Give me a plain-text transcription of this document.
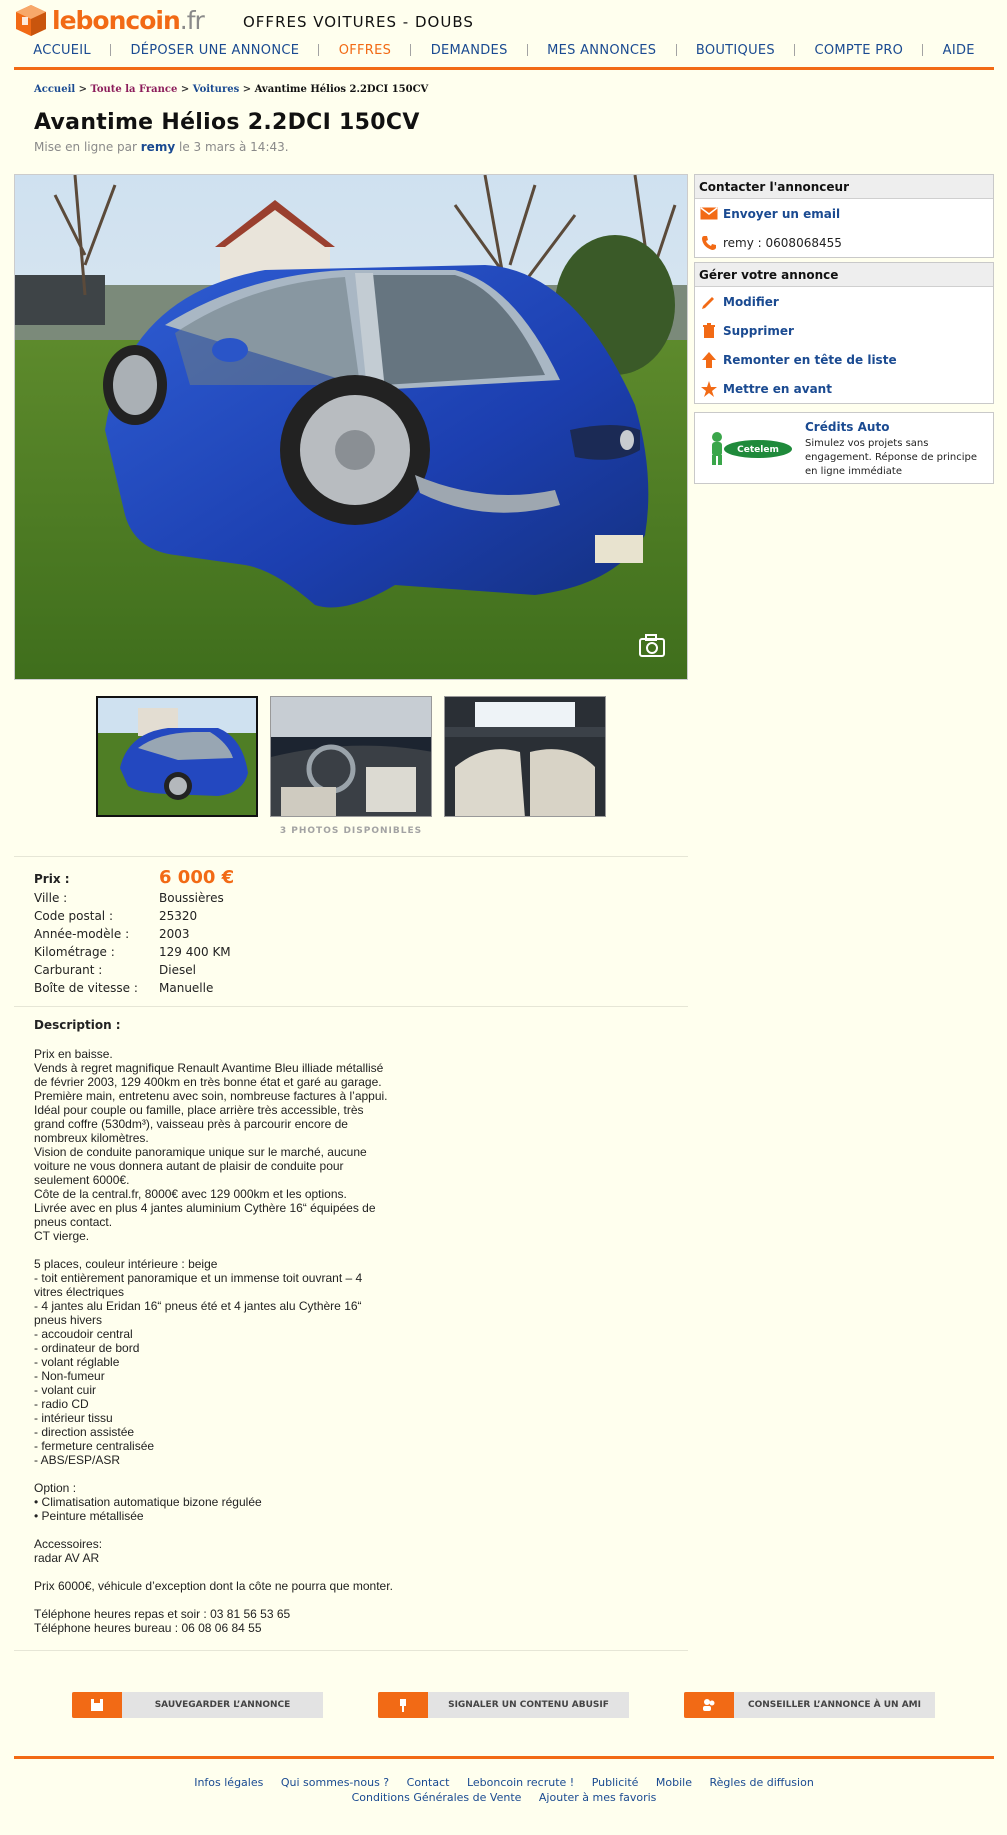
leboncoin.fr	OFFRES VOITURES - DOUBS
ACCUEIL	DÉPOSER UNE ANNONCE	OFFRES	DEMANDES	MES ANNONCES	BOUTIQUES	COMPTE PRO	AIDE
Accueil > Toute la France > Voitures > Avantime Hélios 2.2DCI 150CV
Avantime Hélios 2.2DCI 150CV
Mise en ligne par remy le 3 mars à 14:43.
3 PHOTOS DISPONIBLES
Prix :	6 000 €
Ville :	Boussières
Code postal :	25320
Année-modèle :	2003
Kilométrage :	129 400 KM
Carburant :	Diesel
Boîte de vitesse :	Manuelle
Description :
Prix en baisse.
Vends à regret magnifique Renault Avantime Bleu illiade métallisé
de février 2003, 129 400km en très bonne état et garé au garage.
Première main, entretenu avec soin, nombreuse factures à l’appui.
Idéal pour couple ou famille, place arrière très accessible, très
grand coffre (530dm³), vaisseau près à parcourir encore de
nombreux kilomètres.
Vision de conduite panoramique unique sur le marché, aucune
voiture ne vous donnera autant de plaisir de conduite pour
seulement 6000€.
Côte de la central.fr, 8000€ avec 129 000km et les options.
Livrée avec en plus 4 jantes aluminium Cythère 16“ équipées de
pneus contact.
CT vierge.

5 places, couleur intérieure : beige
- toit entièrement panoramique et un immense toit ouvrant – 4
vitres électriques
- 4 jantes alu Eridan 16“ pneus été et 4 jantes alu Cythère 16“
pneus hivers
- accoudoir central
- ordinateur de bord
- volant réglable
- Non-fumeur
- volant cuir
- radio CD
- intérieur tissu
- direction assistée
- fermeture centralisée
- ABS/ESP/ASR

Option :
• Climatisation automatique bizone régulée
• Peinture métallisée

Accessoires:
radar AV AR

Prix 6000€, véhicule d’exception dont la côte ne pourra que monter.

Téléphone heures repas et soir : 03 81 56 53 65
Téléphone heures bureau : 06 08 06 84 55
SAUVEGARDER L’ANNONCE	SIGNALER UN CONTENU ABUSIF	CONSEILLER L’ANNONCE À UN AMI
Infos légales Qui sommes-nous ? Contact Leboncoin recrute ! Publicité Mobile Règles de diffusion
Conditions Générales de Vente Ajouter à mes favoris
Contacter l'annonceur
Envoyer un email
remy :
0608068455
Gérer votre annonce
Modifier
Supprimer
Remonter en tête de liste
Mettre en avant
Cetelem
Crédits Auto
Simulez vos projets sans engagement. Réponse de principe en ligne immédiate
